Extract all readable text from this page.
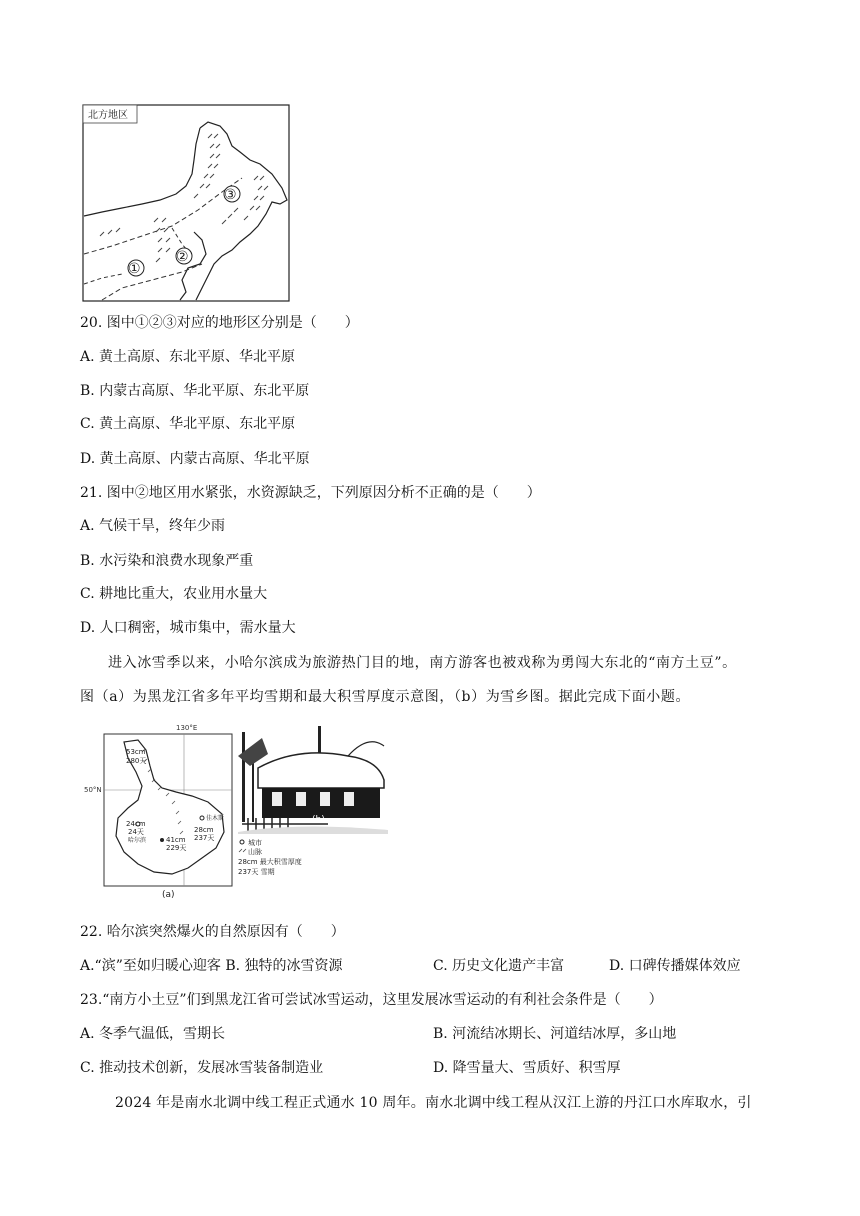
北方地区
③
②
①
20. 图中①②③对应的地形区分别是（　　）
A. 黄土高原、东北平原、华北平原
B. 内蒙古高原、华北平原、东北平原
C. 黄土高原、华北平原、东北平原
D. 黄土高原、内蒙古高原、华北平原
21. 图中②地区用水紧张，水资源缺乏，下列原因分析不正确的是（　　）
A. 气候干旱，终年少雨
B. 水污染和浪费水现象严重
C. 耕地比重大，农业用水量大
D. 人口稠密，城市集中，需水量大
进入冰雪季以来，小哈尔滨成为旅游热门目的地，南方游客也被戏称为勇闯大东北的“南方土豆”。
图（a）为黑龙江省多年平均雪期和最大积雪厚度示意图，（b）为雪乡图。据此完成下面小题。
130°E
50°N
53cm
280天
24cm
24天
哈尔滨	41cm
229天
佳木斯
28cm
237天
(a)
(b)
城市
山脉
28cm 最大积雪厚度
237天 雪期
22. 哈尔滨突然爆火的自然原因有（　　）
A.“滨”至如归暖心迎客 B. 独特的冰雪资源	C. 历史文化遗产丰富	D. 口碑传播媒体效应
23.“南方小土豆”们到黑龙江省可尝试冰雪运动，这里发展冰雪运动的有利社会条件是（　　）
A. 冬季气温低，雪期长	B. 河流结冰期长、河道结冰厚，多山地
C. 推动技术创新，发展冰雪装备制造业	D. 降雪量大、雪质好、积雪厚
2024 年是南水北调中线工程正式通水 10 周年。南水北调中线工程从汉江上游的丹江口水库取水，引
